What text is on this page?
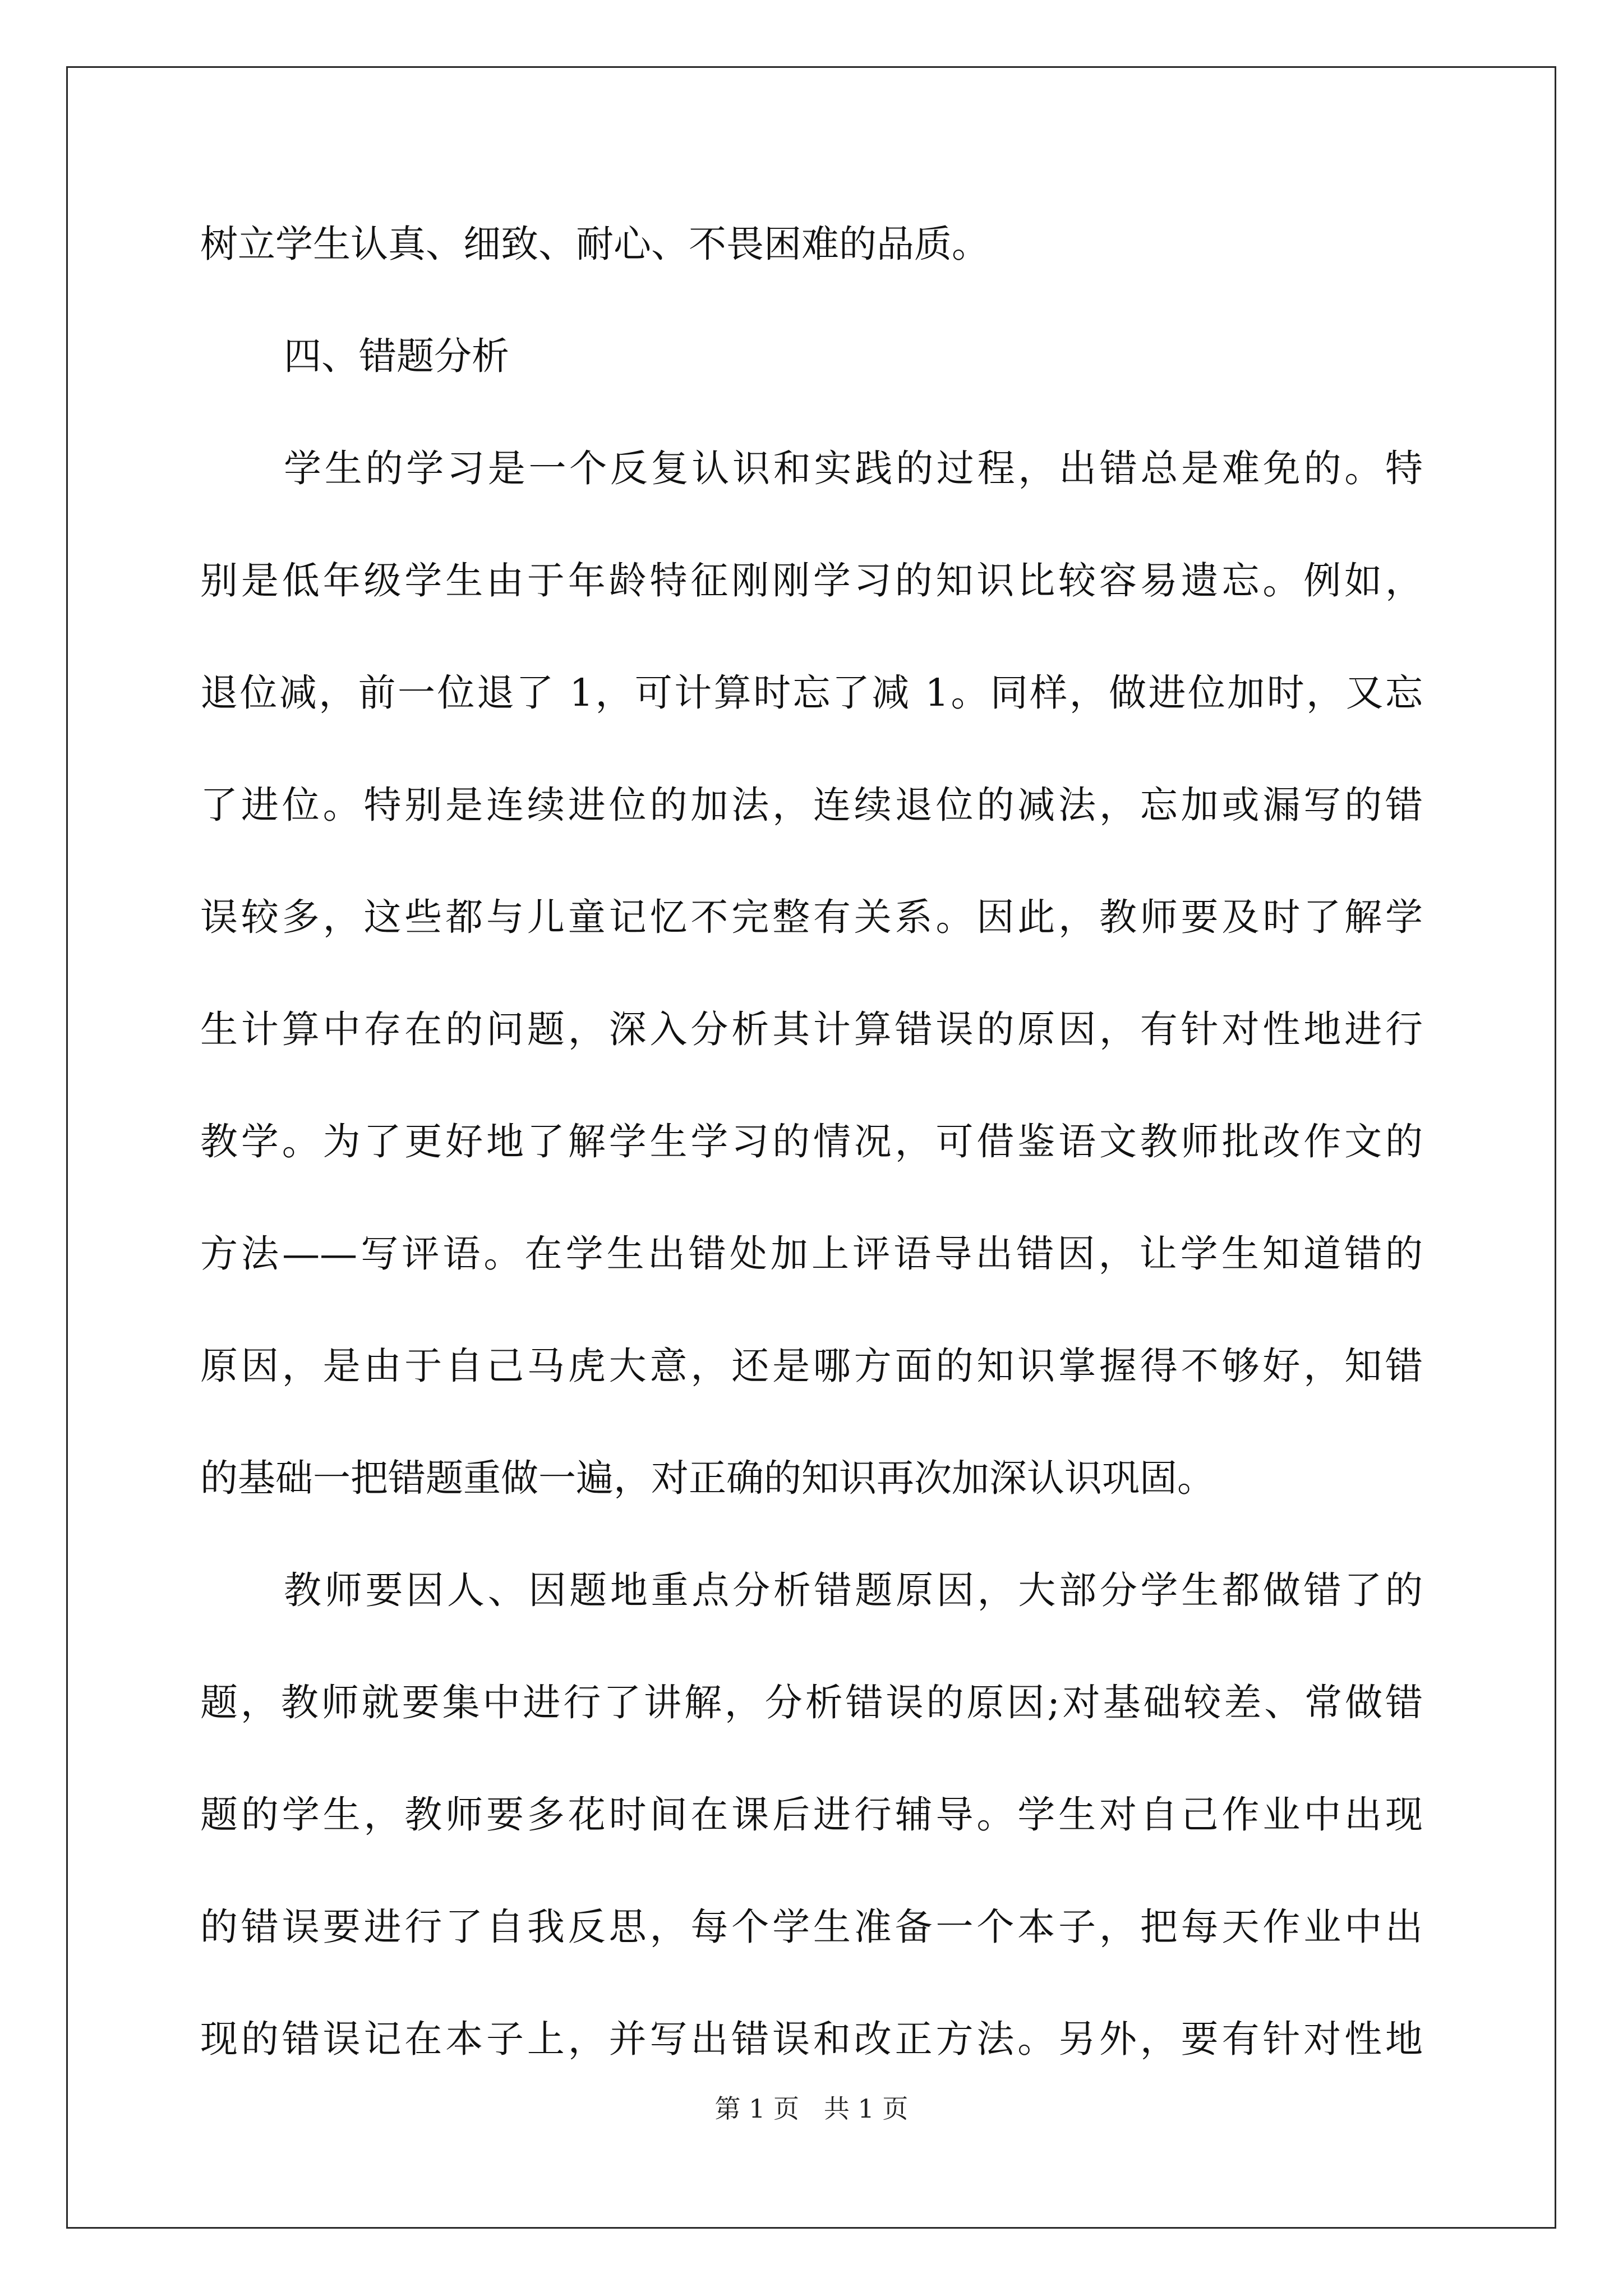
树立学生认真、细致、耐心、不畏困难的品质。

四、错题分析

学生的学习是一个反复认识和实践的过程，出错总是难免的。特

别是低年级学生由于年龄特征刚刚学习的知识比较容易遗忘。例如，

退位减，前一位退了 1，可计算时忘了减 1。同样，做进位加时，又忘

了进位。特别是连续进位的加法，连续退位的减法，忘加或漏写的错

误较多，这些都与儿童记忆不完整有关系。因此，教师要及时了解学

生计算中存在的问题，深入分析其计算错误的原因，有针对性地进行

教学。为了更好地了解学生学习的情况，可借鉴语文教师批改作文的

方法——写评语。在学生出错处加上评语导出错因，让学生知道错的

原因，是由于自己马虎大意，还是哪方面的知识掌握得不够好，知错

的基础一把错题重做一遍，对正确的知识再次加深认识巩固。

教师要因人、因题地重点分析错题原因，大部分学生都做错了的

题，教师就要集中进行了讲解，分析错误的原因;对基础较差、常做错

题的学生，教师要多花时间在课后进行辅导。学生对自己作业中出现

的错误要进行了自我反思，每个学生准备一个本子，把每天作业中出

现的错误记在本子上，并写出错误和改正方法。另外，要有针对性地

第 1 页   共 1 页
